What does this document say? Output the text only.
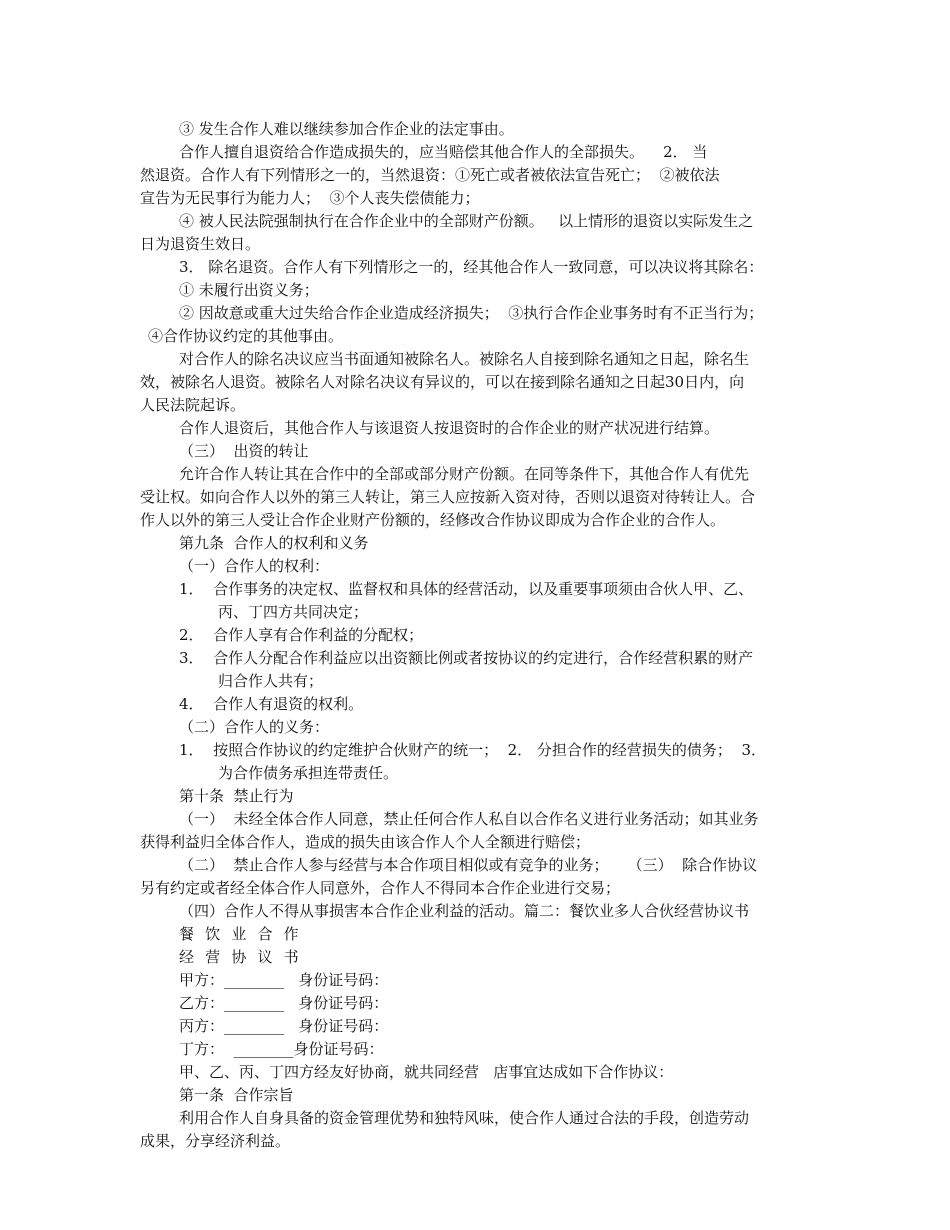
③ 发生合作人难以继续参加合作企业的法定事由。
合作人擅自退资给合作造成损失的，应当赔偿其他合作人的全部损失。    2． 当
然退资。合作人有下列情形之一的，当然退资：①死亡或者被依法宣告死亡；  ②被依法
宣告为无民事行为能力人；  ③个人丧失偿债能力；
④ 被人民法院强制执行在合作企业中的全部财产份额。   以上情形的退资以实际发生之
日为退资生效日。
3． 除名退资。合作人有下列情形之一的，经其他合作人一致同意，可以决议将其除名：
① 未履行出资义务；
② 因故意或重大过失给合作企业造成经济损失；  ③执行合作企业事务时有不正当行为；
④合作协议约定的其他事由。
对合作人的除名决议应当书面通知被除名人。被除名人自接到除名通知之日起，除名生
效，被除名人退资。被除名人对除名决议有异议的，可以在接到除名通知之日起30日内，向
人民法院起诉。
合作人退资后，其他合作人与该退资人按退资时的合作企业的财产状况进行结算。
（三）  出资的转让
允许合作人转让其在合作中的全部或部分财产份额。在同等条件下，其他合作人有优先
受让权。如向合作人以外的第三人转让，第三人应按新入资对待，否则以退资对待转让人。合
作人以外的第三人受让合作企业财产份额的，经修改合作协议即成为合作企业的合作人。
第九条  合作人的权利和义务
（一）合作人的权利：
1．  合作事务的决定权、监督权和具体的经营活动，以及重要事项须由合伙人甲、乙、
丙、丁四方共同决定；
2．  合作人享有合作利益的分配权；
3．  合作人分配合作利益应以出资额比例或者按协议的约定进行，合作经营积累的财产
归合作人共有；
4．  合作人有退资的权利。
（二）合作人的义务：
1．  按照合作协议的约定维护合伙财产的统一；  2． 分担合作的经营损失的债务；  3．
为合作债务承担连带责任。
第十条  禁止行为
（一）  未经全体合作人同意，禁止任何合作人私自以合作名义进行业务活动；如其业务
获得利益归全体合作人，造成的损失由该合作人个人全额进行赔偿；
（二）  禁止合作人参与经营与本合作项目相似或有竞争的业务；    （三）  除合作协议
另有约定或者经全体合作人同意外，合作人不得同本合作企业进行交易；
（四）合作人不得从事损害本合作企业利益的活动。篇二：餐饮业多人合伙经营协议书
餐 饮 业 合 作
经 营 协 议 书
甲方：________   身份证号码：
乙方：________   身份证号码：
丙方：________   身份证号码：
丁方：  ________身份证号码：
甲、乙、丙、丁四方经友好协商，就共同经营   店事宜达成如下合作协议：
第一条  合作宗旨
利用合作人自身具备的资金管理优势和独特风味，使合作人通过合法的手段，创造劳动
成果，分享经济利益。
